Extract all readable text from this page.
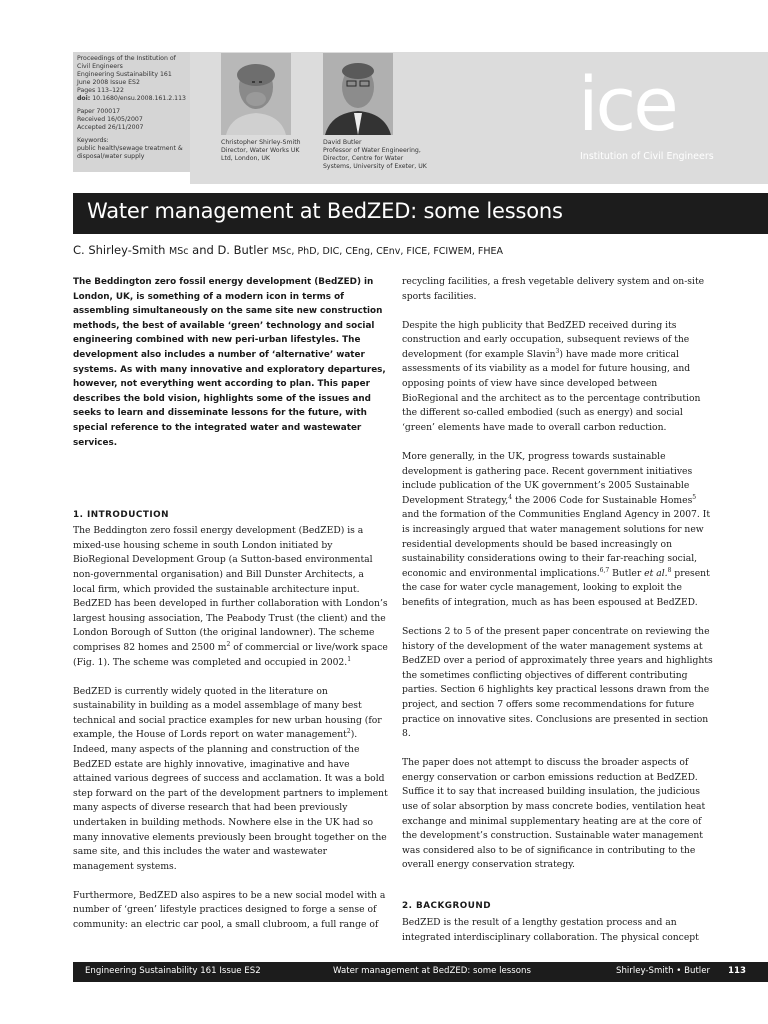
Proceedings of the Institution of
Civil Engineers
Engineering Sustainability 161
June 2008 Issue ES2
Pages 113–122
doi: 10.1680/ensu.2008.161.2.113
Paper 700017
Received 16/05/2007
Accepted 26/11/2007
Keywords:
public health/sewage treatment & disposal/water supply
Christopher Shirley-Smith
Director, Water Works UK Ltd, London, UK
David Butler
Professor of Water Engineering, Director, Centre for Water Systems, University of Exeter, UK
ice
Institution of Civil Engineers
Water management at BedZED: some lessons
C. Shirley-Smith MSc and D. Butler MSc, PhD, DIC, CEng, CEnv, FICE, FCIWEM, FHEA

The Beddington zero fossil energy development (BedZED) in London, UK, is something of a modern icon in terms of assembling simultaneously on the same site new construction methods, the best of available ‘green’ technology and social engineering combined with new peri-urban lifestyles. The development also includes a number of ‘alternative’ water systems. As with many innovative and exploratory departures, however, not everything went according to plan. This paper describes the bold vision, highlights some of the issues and seeks to learn and disseminate lessons for the future, with special reference to the integrated water and wastewater services.

1. INTRODUCTION

The Beddington zero fossil energy development (BedZED) is a mixed-use housing scheme in south London initiated by BioRegional Development Group (a Sutton-based environmental non-governmental organisation) and Bill Dunster Architects, a local firm, which provided the sustainable architecture input. BedZED has been developed in further collaboration with London’s largest housing association, The Peabody Trust (the client) and the London Borough of Sutton (the original landowner). The scheme comprises 82 homes and 2500 $m^2$ of commercial or live/work space (Fig. 1). The scheme was completed and occupied in 2002.$^1$

BedZED is currently widely quoted in the literature on sustainability in building as a model assemblage of many best technical and social practice examples for new urban housing (for example, the House of Lords report on water management$^2$). Indeed, many aspects of the planning and construction of the BedZED estate are highly innovative, imaginative and have attained various degrees of success and acclamation. It was a bold step forward on the part of the development partners to implement many aspects of diverse research that had been previously undertaken in building methods. Nowhere else in the UK had so many innovative elements previously been brought together on the same site, and this includes the water and wastewater management systems.

Furthermore, BedZED also aspires to be a new social model with a number of ‘green’ lifestyle practices designed to forge a sense of community: an electric car pool, a small clubroom, a full range of

recycling facilities, a fresh vegetable delivery system and on-site sports facilities.

Despite the high publicity that BedZED received during its construction and early occupation, subsequent reviews of the development (for example Slavin$^3$) have made more critical assessments of its viability as a model for future housing, and opposing points of view have since developed between BioRegional and the architect as to the percentage contribution the different so-called embodied (such as energy) and social ‘green’ elements have made to overall carbon reduction.

More generally, in the UK, progress towards sustainable development is gathering pace. Recent government initiatives include publication of the UK government’s 2005 Sustainable Development Strategy,$^4$ the 2006 Code for Sustainable Homes$^5$ and the formation of the Communities England Agency in 2007. It is increasingly argued that water management solutions for new residential developments should be based increasingly on sustainability considerations owing to their far-reaching social, economic and environmental implications.$^{6,7}$ Butler et al.$^8$ present the case for water cycle management, looking to exploit the benefits of integration, much as has been espoused at BedZED.

Sections 2 to 5 of the present paper concentrate on reviewing the history of the development of the water management systems at BedZED over a period of approximately three years and highlights the sometimes conflicting objectives of different contributing parties. Section 6 highlights key practical lessons drawn from the project, and section 7 offers some recommendations for future practice on innovative sites. Conclusions are presented in section 8.

The paper does not attempt to discuss the broader aspects of energy conservation or carbon emissions reduction at BedZED. Suffice it to say that increased building insulation, the judicious use of solar absorption by mass concrete bodies, ventilation heat exchange and minimal supplementary heating are at the core of the development’s construction. Sustainable water management was considered also to be of significance in contributing to the overall energy conservation strategy.

2. BACKGROUND

BedZED is the result of a lengthy gestation process and an integrated interdisciplinary collaboration. The physical concept

Engineering Sustainability 161 Issue ES2	Water management at BedZED: some lessons	Shirley-Smith • Butler 113
